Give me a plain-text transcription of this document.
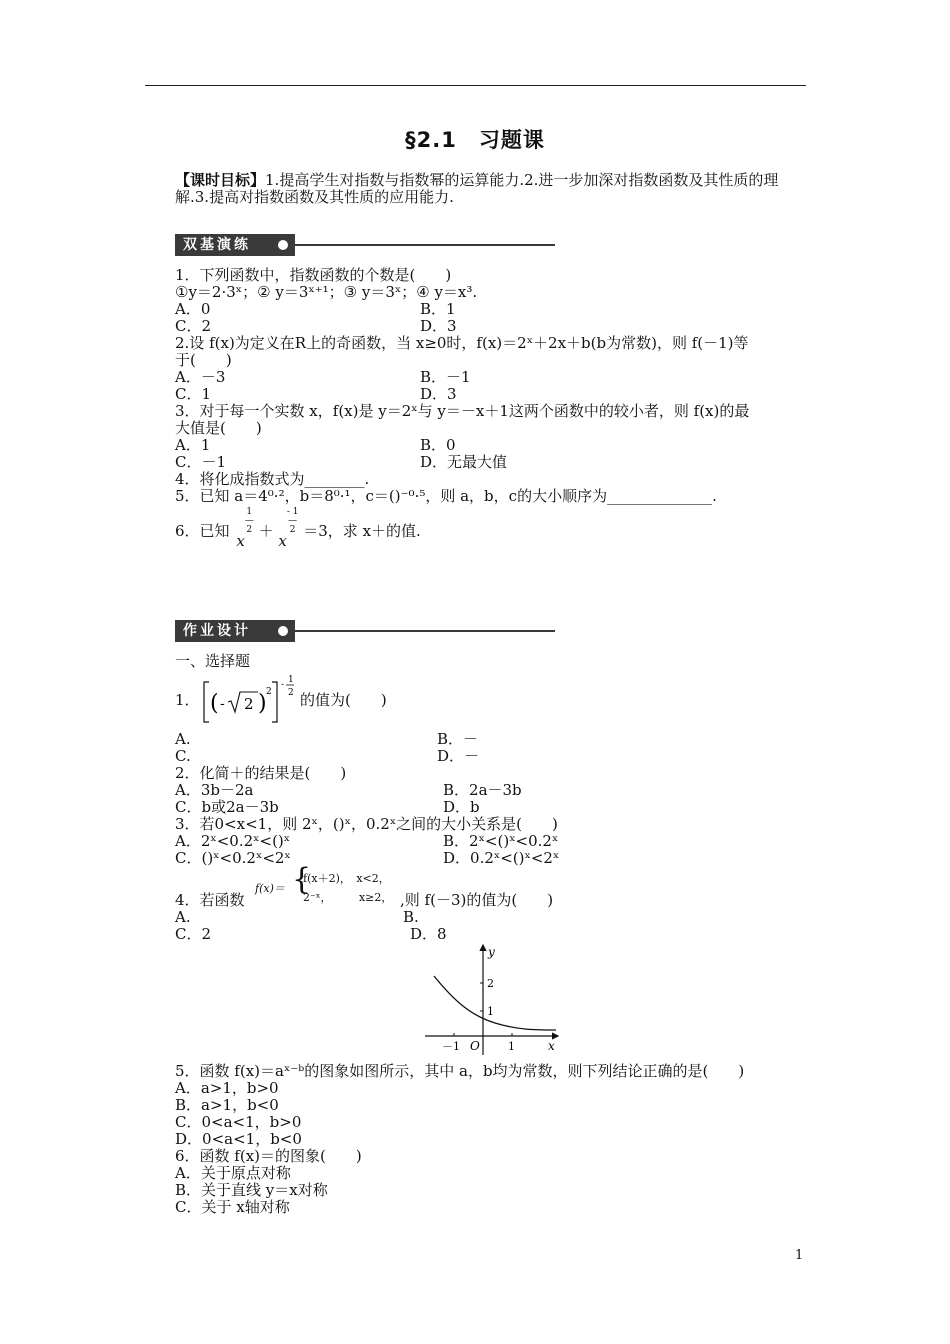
§2.1　习题课
【课时目标】1.提高学生对指数与指数幂的运算能力.2.进一步加深对指数函数及其性质的理解.3.提高对指数函数及其性质的应用能力.
双基演练
1．下列函数中，指数函数的个数是(　　)
①y＝2·3ˣ；② y＝3ˣ⁺¹；③ y＝3ˣ；④ y＝x³.
A．0	B．1
C．2	D．3
2.设 f(x)为定义在R上的奇函数，当 x≥0时，f(x)＝2ˣ＋2x＋b(b为常数)，则 f(－1)等
于(　　)
A．－3	B．－1
C．1	D．3
3．对于每一个实数 x，f(x)是 y＝2ˣ与 y＝－x＋1这两个函数中的较小者，则 f(x)的最
大值是(　　)
A．1	B．0
C．－1	D．无最大值
4．将化成指数式为________.
5．已知 a＝4⁰·²，b＝8⁰·¹，c＝()⁻⁰·⁵，则 a，b，c的大小顺序为______________.
6．已知 x1
—
2 ＋ x- 1
—
2 ＝3，求 x＋的值.
作业设计
一、选择题
1． ( - 2 ) 2
- 1
2 的值为(　　)
A.	B．－
C.	D．－
2．化简＋的结果是(　　)
A．3b－2a	B．2a－3b
C．b或2a－3b	D．b
3．若0<x<1，则 2ˣ，()ˣ，0.2ˣ之间的大小关系是(　　)
A．2ˣ<0.2ˣ<()ˣ	B．2ˣ<()ˣ<0.2ˣ
C．()ˣ<0.2ˣ<2ˣ	D．0.2ˣ<()ˣ<2ˣ
4．若函数
f(x)＝ {
f(x＋2)，　x<2，
2⁻ˣ，　　　x≥2， ,则 f(－3)的值为(　　)
A.	B.
C．2	D．8
x
y
O
－1	1
1
2
5．函数 f(x)＝aˣ⁻ᵇ的图象如图所示，其中 a，b均为常数，则下列结论正确的是(　　)
A．a>1，b>0
B．a>1，b<0
C．0<a<1，b>0
D．0<a<1，b<0
6．函数 f(x)＝的图象(　　)
A．关于原点对称
B．关于直线 y＝x对称
C．关于 x轴对称
1
